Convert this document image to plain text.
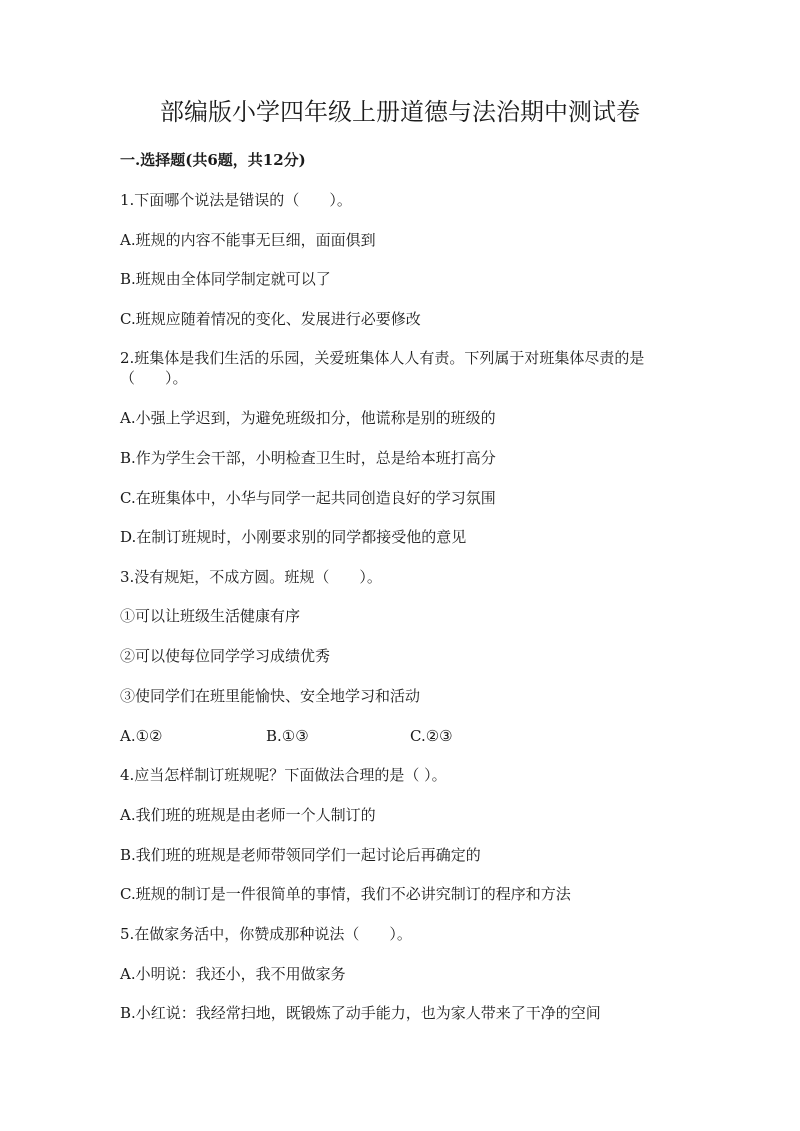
部编版小学四年级上册道德与法治期中测试卷
一.选择题(共6题，共12分)
1.下面哪个说法是错误的（　　）。
A.班规的内容不能事无巨细，面面俱到
B.班规由全体同学制定就可以了
C.班规应随着情况的变化、发展进行必要修改
2.班集体是我们生活的乐园，关爱班集体人人有责。下列属于对班集体尽责的是（　　）。
A.小强上学迟到，为避免班级扣分，他谎称是别的班级的
B.作为学生会干部，小明检查卫生时，总是给本班打高分
C.在班集体中，小华与同学一起共同创造良好的学习氛围
D.在制订班规时，小刚要求别的同学都接受他的意见
3.没有规矩，不成方圆。班规（　　）。
①可以让班级生活健康有序
②可以使每位同学学习成绩优秀
③使同学们在班里能愉快、安全地学习和活动
A.①②	B.①③	C.②③
4.应当怎样制订班规呢？下面做法合理的是（ ）。
A.我们班的班规是由老师一个人制订的
B.我们班的班规是老师带领同学们一起讨论后再确定的
C.班规的制订是一件很简单的事情，我们不必讲究制订的程序和方法
5.在做家务活中，你赞成那种说法（　　）。
A.小明说：我还小，我不用做家务
B.小红说：我经常扫地，既锻炼了动手能力，也为家人带来了干净的空间
